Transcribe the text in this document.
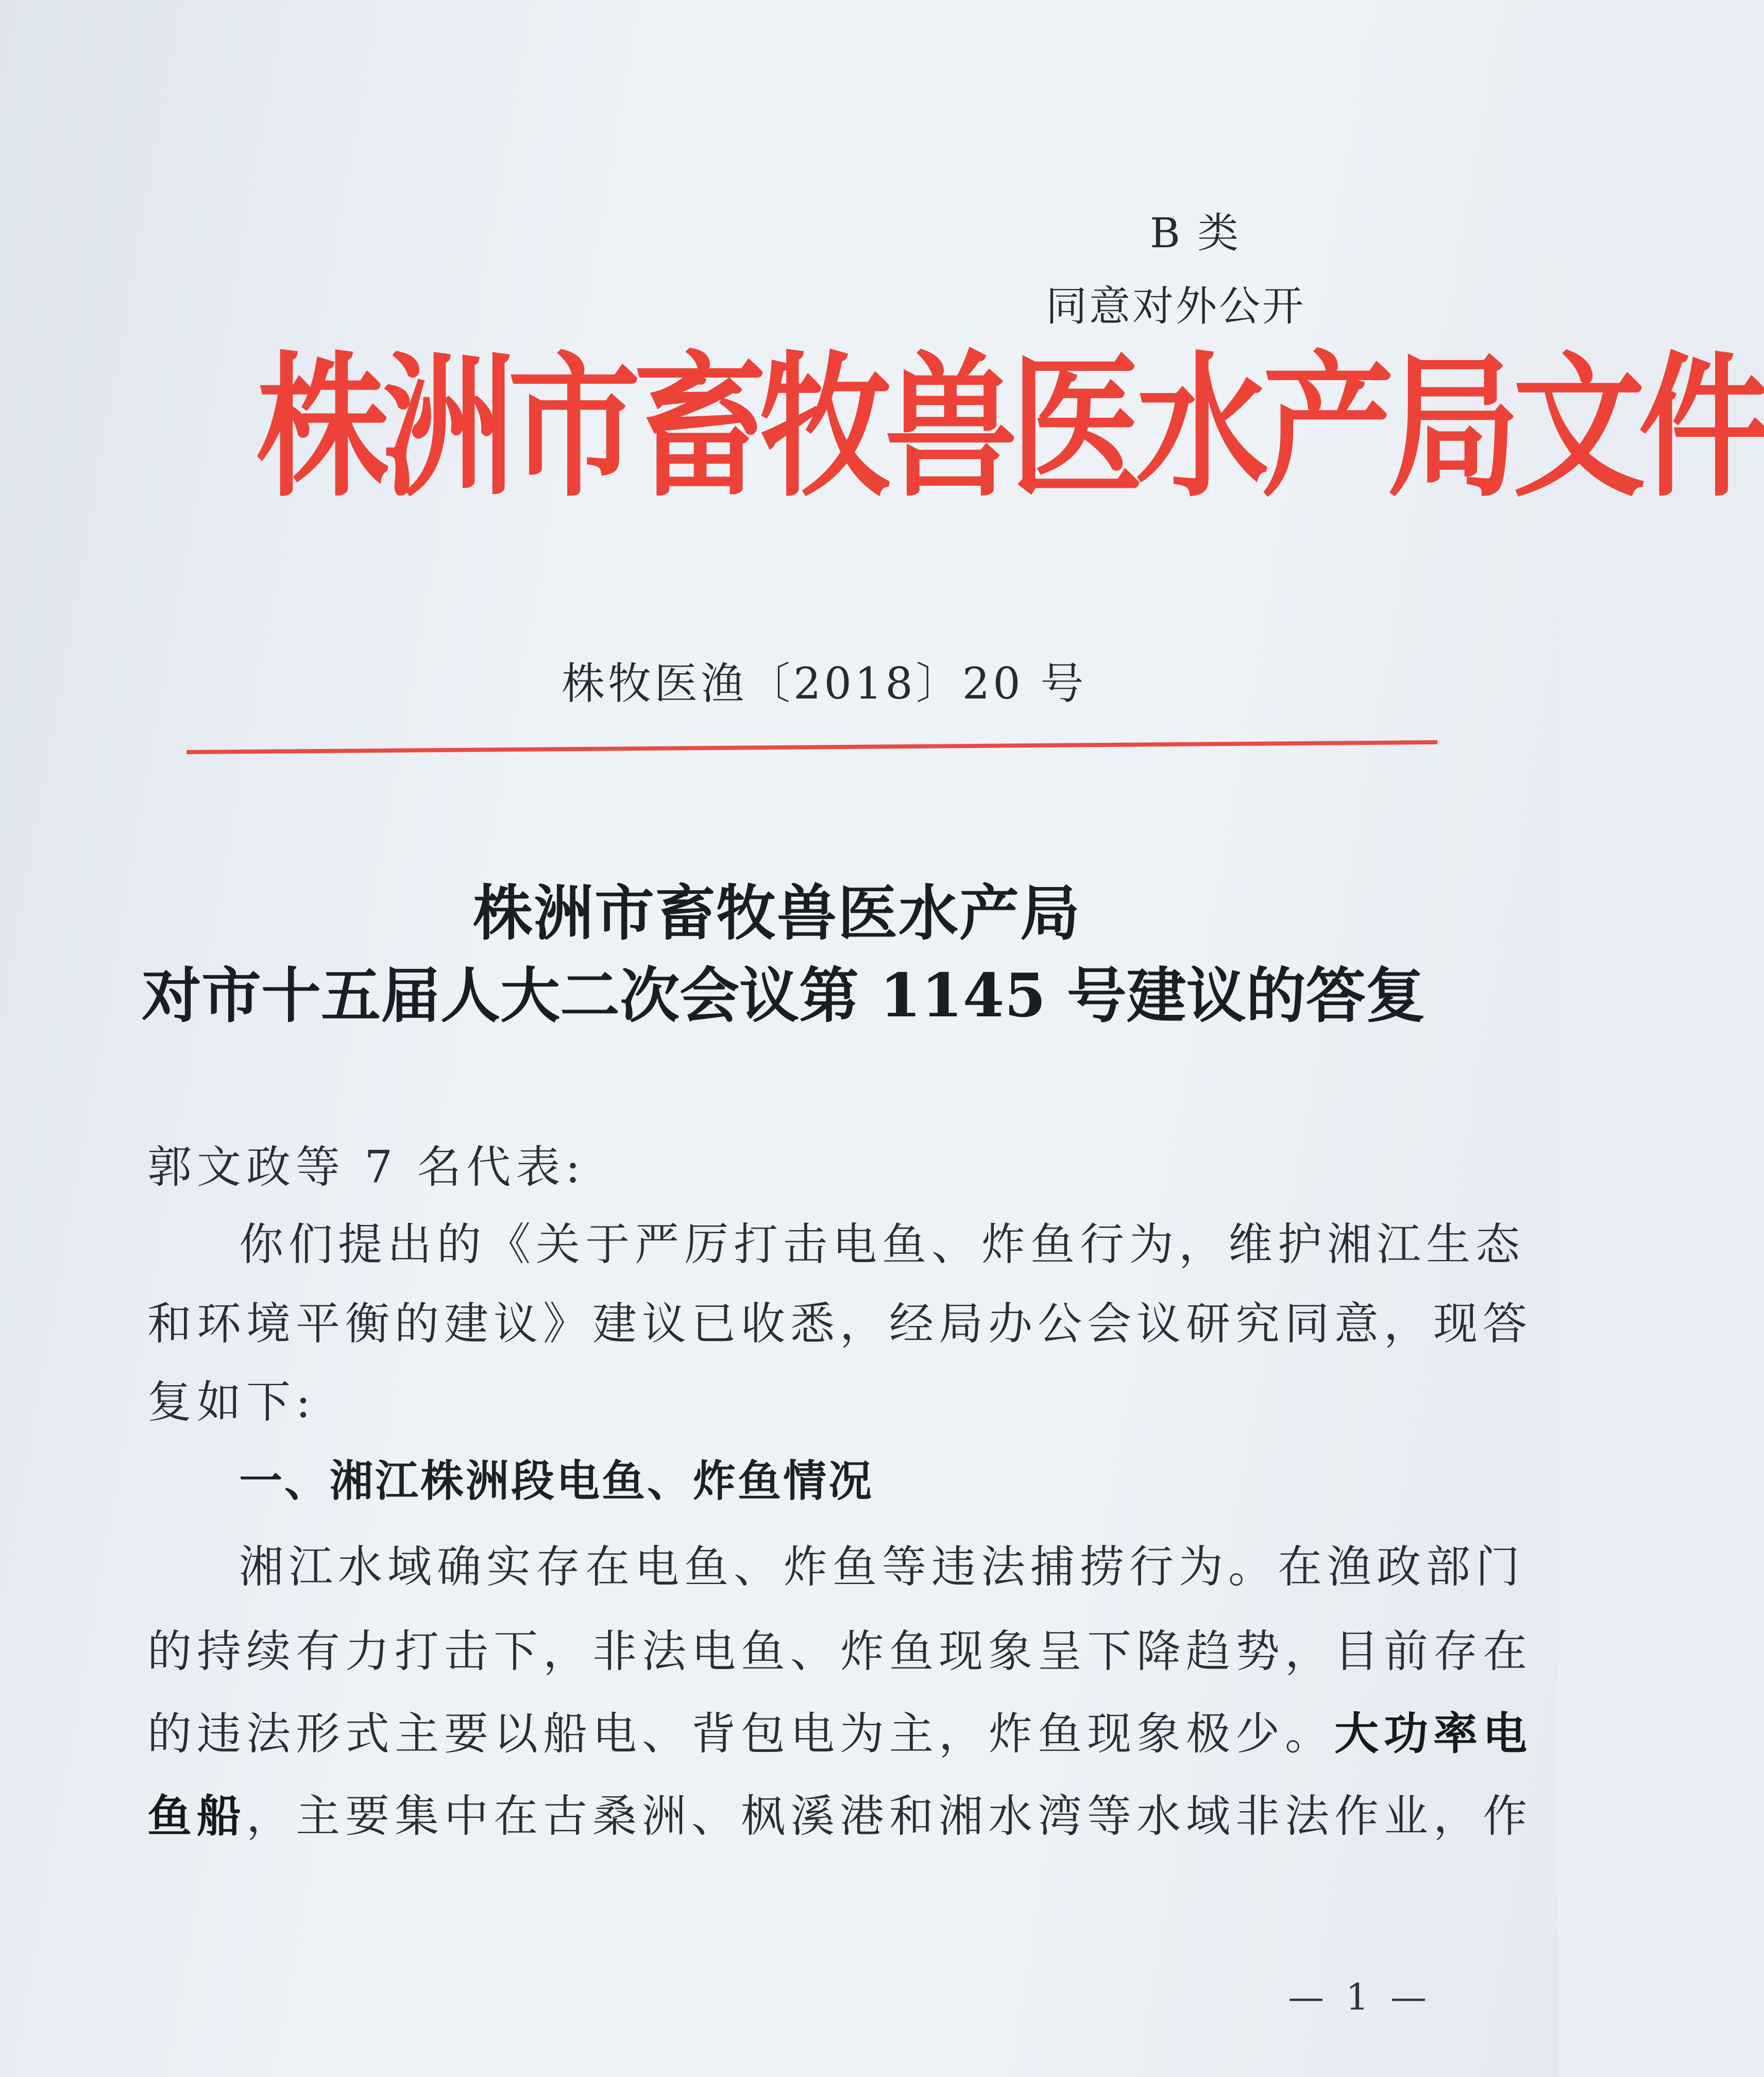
B 类
同意对外公开
株洲市畜牧兽医水产局文件
株牧医渔〔2018〕20 号
株洲市畜牧兽医水产局
对市十五届人大二次会议第 1145 号建议的答复
郭文政等 7 名代表:
你们提出的《关于严厉打击电鱼、炸鱼行为，维护湘江生态
和环境平衡的建议》建议已收悉，经局办公会议研究同意，现答
复如下:
一、湘江株洲段电鱼、炸鱼情况
湘江水域确实存在电鱼、炸鱼等违法捕捞行为。在渔政部门
的持续有力打击下，非法电鱼、炸鱼现象呈下降趋势，目前存在
的违法形式主要以船电、背包电为主，炸鱼现象极少。大功率电
鱼船，主要集中在古桑洲、枫溪港和湘水湾等水域非法作业，作
— 1 —
